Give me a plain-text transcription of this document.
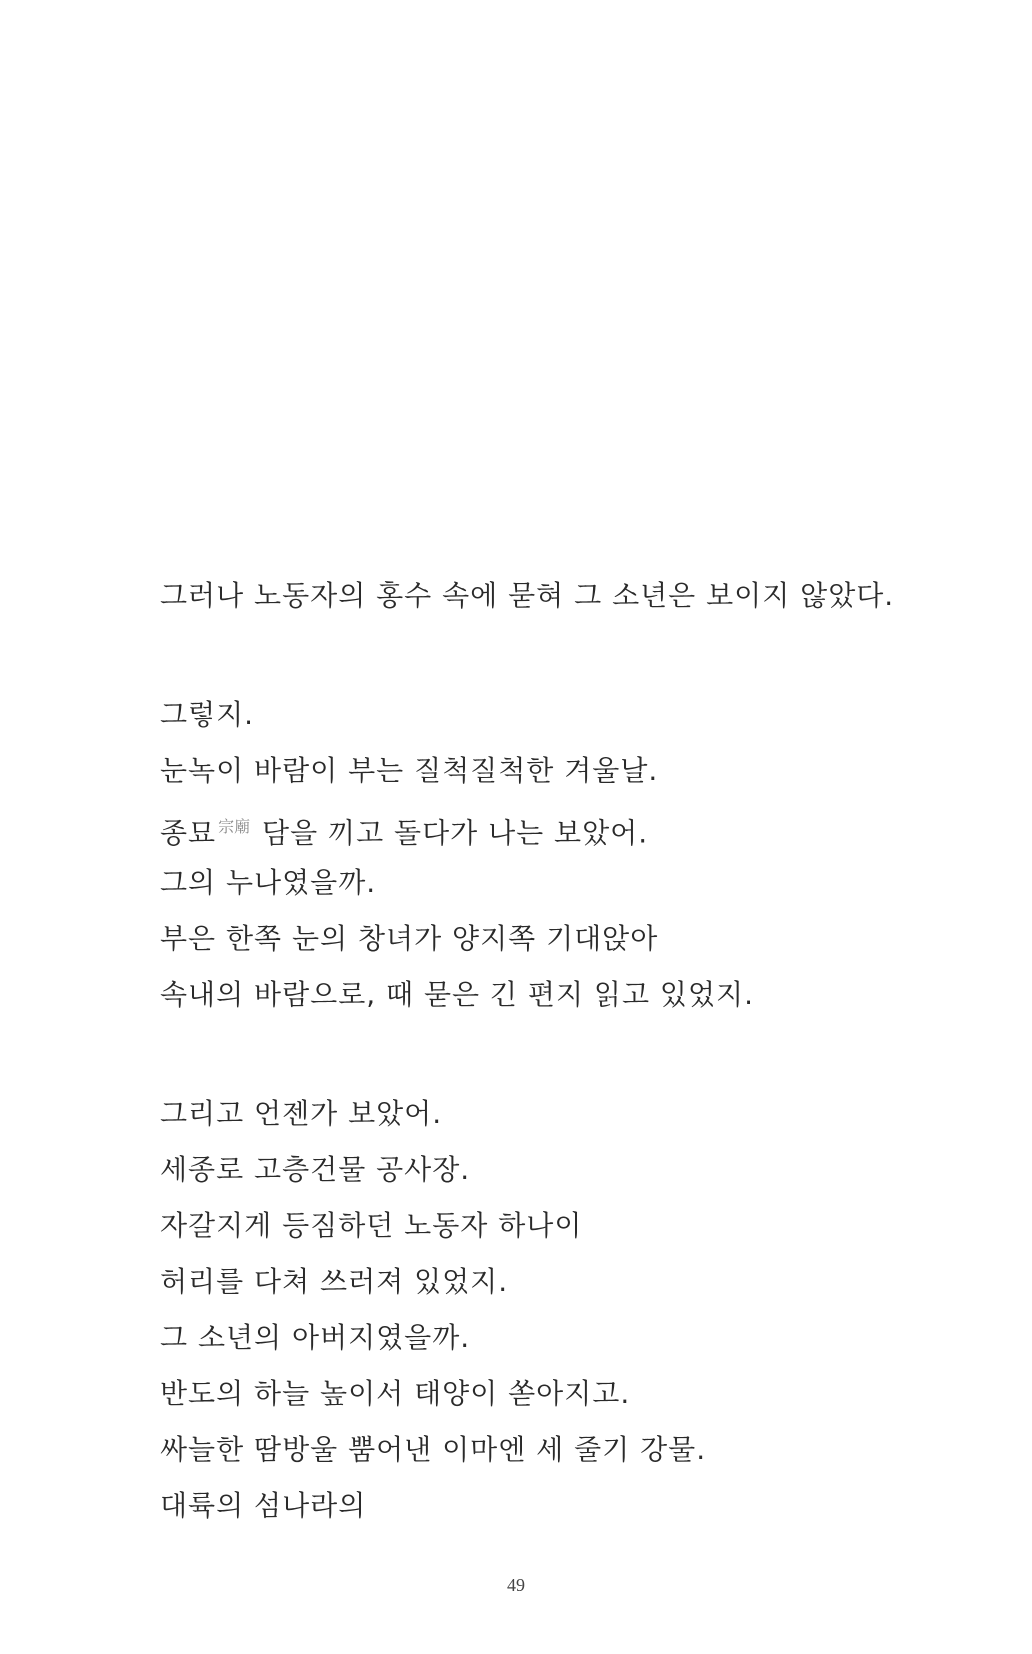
그러나 노동자의 홍수 속에 묻혀 그 소년은 보이지 않았다.
그렇지.
눈녹이 바람이 부는 질척질척한 겨울날.
종묘 $^{宗廟}$ 담을 끼고 돌다가 나는 보았어.
그의 누나였을까.
부은 한쪽 눈의 창녀가 양지쪽 기대앉아
속내의 바람으로, 때 묻은 긴 편지 읽고 있었지.
그리고 언젠가 보았어.
세종로 고층건물 공사장.
자갈지게 등짐하던 노동자 하나이
허리를 다쳐 쓰러져 있었지.
그 소년의 아버지였을까.
반도의 하늘 높이서 태양이 쏟아지고.
싸늘한 땀방울 뿜어낸 이마엔 세 줄기 강물.
대륙의 섬나라의
49
